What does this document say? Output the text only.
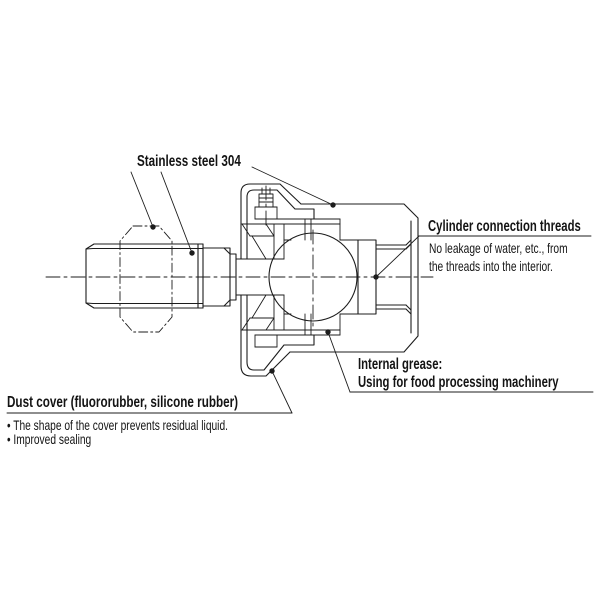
Stainless steel 304
Cylinder connection threads
No leakage of water, etc., from
the threads into the interior.
Internal grease:
Using for food processing machinery
Dust cover (fluororubber, silicone rubber)
• The shape of the cover prevents residual liquid.
• Improved sealing
